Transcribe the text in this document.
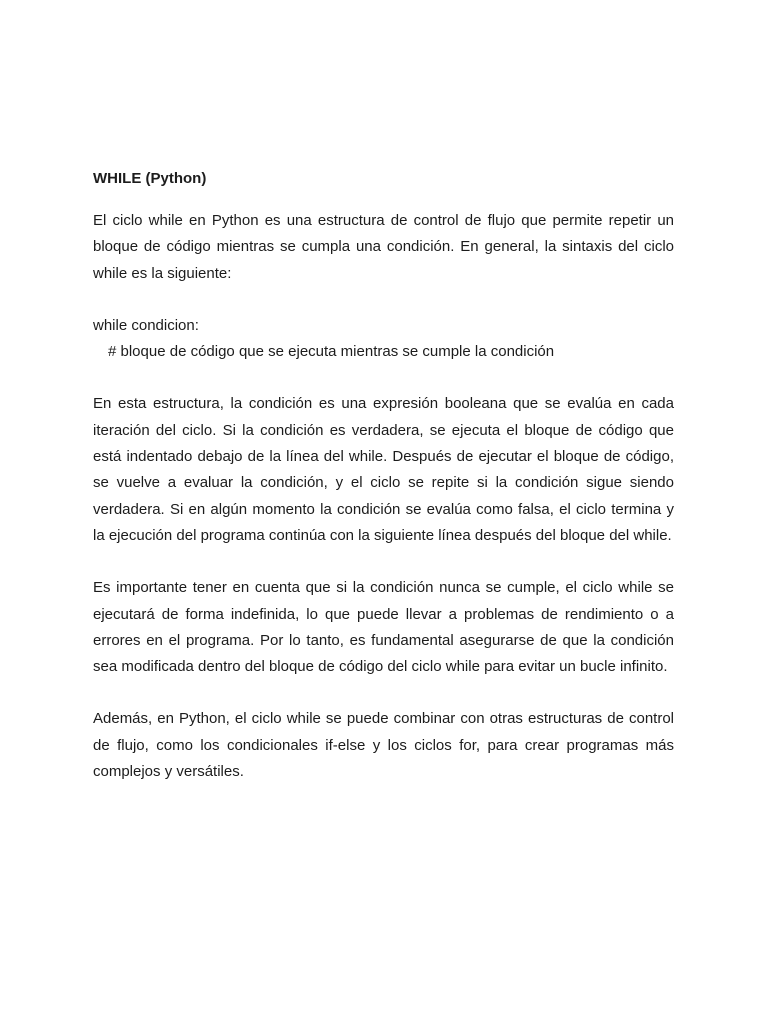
WHILE (Python)

El ciclo while en Python es una estructura de control de flujo que permite repetir un bloque de código mientras se cumpla una condición. En general, la sintaxis del ciclo while es la siguiente:

while condicion:
# bloque de código que se ejecuta mientras se cumple la condición

En esta estructura, la condición es una expresión booleana que se evalúa en cada iteración del ciclo. Si la condición es verdadera, se ejecuta el bloque de código que está indentado debajo de la línea del while. Después de ejecutar el bloque de código, se vuelve a evaluar la condición, y el ciclo se repite si la condición sigue siendo verdadera. Si en algún momento la condición se evalúa como falsa, el ciclo termina y la ejecución del programa continúa con la siguiente línea después del bloque del while.

Es importante tener en cuenta que si la condición nunca se cumple, el ciclo while se ejecutará de forma indefinida, lo que puede llevar a problemas de rendimiento o a errores en el programa. Por lo tanto, es fundamental asegurarse de que la condición sea modificada dentro del bloque de código del ciclo while para evitar un bucle infinito.

Además, en Python, el ciclo while se puede combinar con otras estructuras de control de flujo, como los condicionales if-else y los ciclos for, para crear programas más complejos y versátiles.
